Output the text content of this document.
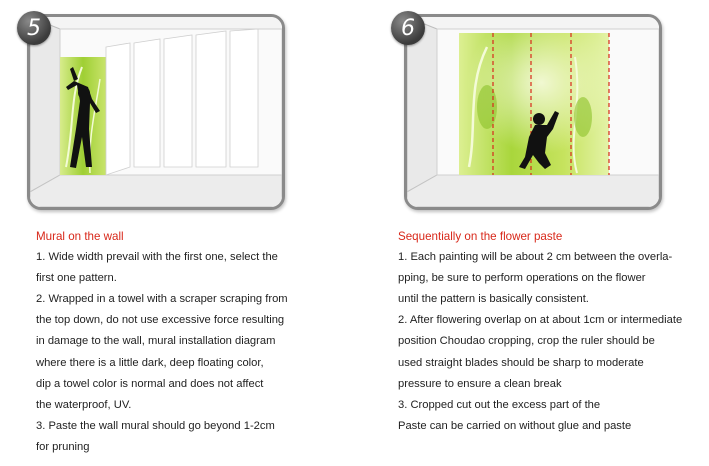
5
Mural on the wall
1. Wide width prevail with the first one, select the
first one pattern.
2. Wrapped in a towel with a scraper scraping from
the top down, do not use excessive force resulting
in damage to the wall, mural installation diagram
where there is a little dark, deep floating color,
dip a towel color is normal and does not affect
the waterproof, UV.
3. Paste the wall mural should go beyond 1-2cm
for pruning
6
Sequentially on the flower paste
1. Each painting will be about 2 cm between the overla-
pping, be sure to perform operations on the flower
until the pattern is basically consistent.
2. After flowering overlap on at about 1cm or intermediate
position Choudao cropping, crop the ruler should be
used straight blades should be sharp to moderate
pressure to ensure a clean break
3. Cropped cut out the excess part of the
Paste can be carried on without glue and paste
